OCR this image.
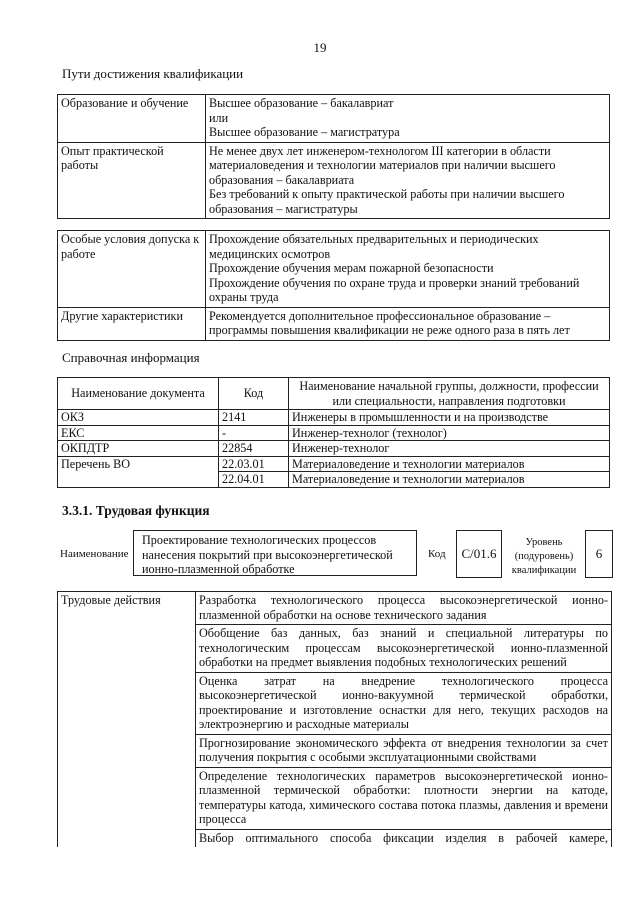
19
Пути достижения квалификации
Образование и обучение	Высшее образование – бакалавриат
или
Высшее образование – магистратура

Опыт практической работы	Не менее двух лет инженером-технологом III категории в области материаловедения и технологии материалов при наличии высшего образования – бакалавриата
Без требований к опыту практической работы при наличии высшего образования – магистратуры
Особые условия допуска к работе	Прохождение обязательных предварительных и периодических медицинских осмотров
Прохождение обучения мерам пожарной безопасности
Прохождение обучения по охране труда и проверки знаний требований охраны труда

Другие характеристики	Рекомендуется дополнительное профессиональное образование – программы повышения квалификации не реже одного раза в пять лет
Справочная информация
Наименование документа	Код	Наименование начальной группы, должности, профессии или специальности, направления подготовки
ОКЗ	2141	Инженеры в промышленности и на производстве
ЕКС	-	Инженер-технолог (технолог)
ОКПДТР	22854	Инженер-технолог
Перечень ВО	22.03.01	Материаловедение и технологии материалов
	22.04.01	Материаловедение и технологии материалов
3.3.1. Трудовая функция
Наименование
Проектирование технологических процессов нанесения покрытий при высокоэнергетической ионно-плазменной обработке
Код С/01.6
Уровень (подуровень) квалификации
6
Трудовые действия	Разработка технологического процесса высокоэнергетической ионно-плазменной обработки на основе технического задания
Обобщение баз данных, баз знаний и специальной литературы по технологическим процессам высокоэнергетической ионно-плазменной обработки на предмет выявления подобных технологических решений
Оценка затрат на внедрение технологического процесса высокоэнергетической ионно-вакуумной термической обработки, проектирование и изготовление оснастки для него, текущих расходов на электроэнергию и расходные материалы
Прогнозирование экономического эффекта от внедрения технологии за счет получения покрытия с особыми эксплуатационными свойствами
Определение технологических параметров высокоэнергетической ионно-плазменной термической обработки: плотности энергии на катоде, температуры катода, химического состава потока плазмы, давления и времени процесса
Выбор оптимального способа фиксации изделия в рабочей камере,
